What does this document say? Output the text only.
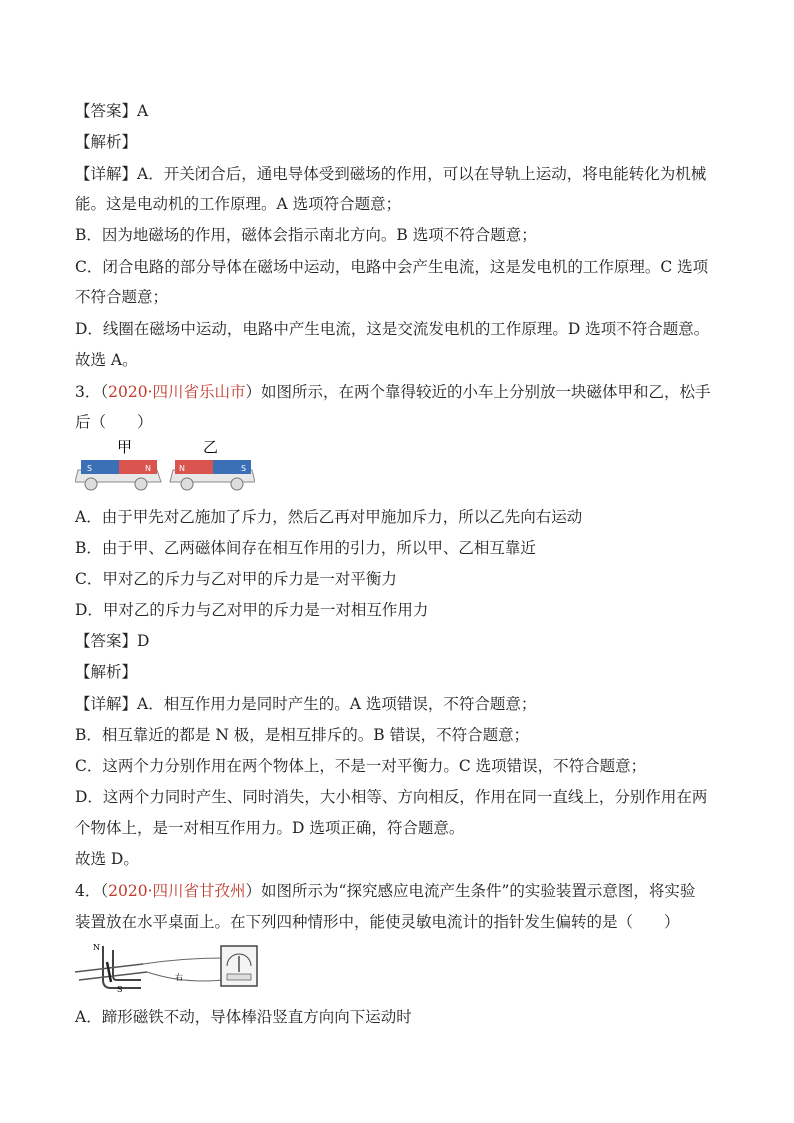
【答案】A
【解析】
【详解】A．开关闭合后，通电导体受到磁场的作用，可以在导轨上运动，将电能转化为机械
能。这是电动机的工作原理。A 选项符合题意；
B．因为地磁场的作用，磁体会指示南北方向。B 选项不符合题意；
C．闭合电路的部分导体在磁场中运动，电路中会产生电流，这是发电机的工作原理。C 选项
不符合题意；
D．线圈在磁场中运动，电路中产生电流，这是交流发电机的工作原理。D 选项不符合题意。
故选 A。
3．（2020·四川省乐山市）如图所示，在两个靠得较近的小车上分别放一块磁体甲和乙，松手
后（　　）
甲	乙
S	N	N	S
A．由于甲先对乙施加了斥力，然后乙再对甲施加斥力，所以乙先向右运动
B．由于甲、乙两磁体间存在相互作用的引力，所以甲、乙相互靠近
C．甲对乙的斥力与乙对甲的斥力是一对平衡力
D．甲对乙的斥力与乙对甲的斥力是一对相互作用力
【答案】D
【解析】
【详解】A．相互作用力是同时产生的。A 选项错误，不符合题意；
B．相互靠近的都是 N 极，是相互排斥的。B 错误，不符合题意；
C．这两个力分别作用在两个物体上，不是一对平衡力。C 选项错误，不符合题意；
D．这两个力同时产生、同时消失，大小相等、方向相反，作用在同一直线上，分别作用在两
个物体上，是一对相互作用力。D 选项正确，符合题意。
故选 D。
4．（2020·四川省甘孜州）如图所示为“探究感应电流产生条件”的实验装置示意图，将实验
装置放在水平桌面上。在下列四种情形中，能使灵敏电流计的指针发生偏转的是（　　）
N
S
右
A．蹄形磁铁不动，导体棒沿竖直方向向下运动时
